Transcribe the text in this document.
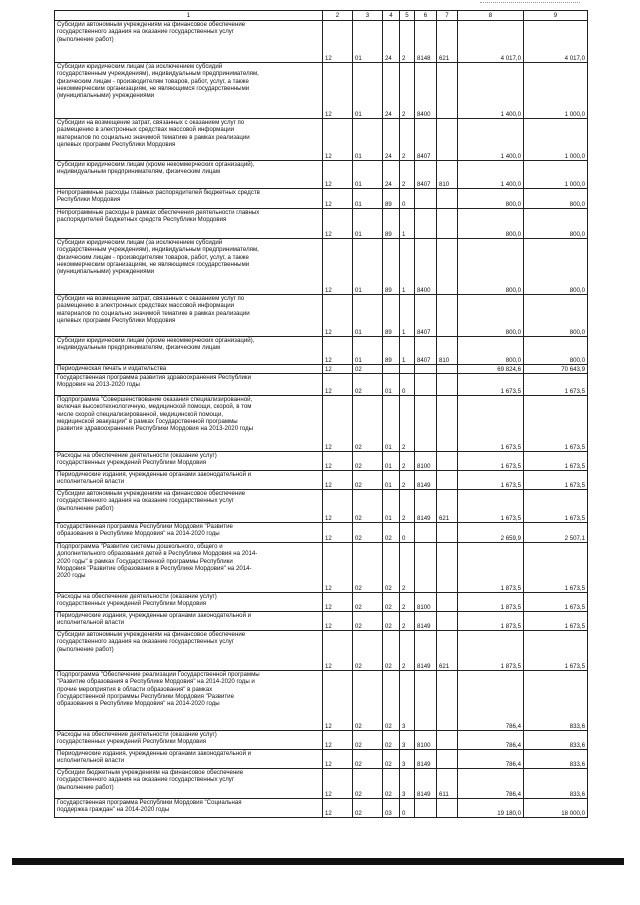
1	2	3	4	5	6	7	8	9
Субсидии автономным учреждениям на финансовое обеспечение
государственного задания на оказание государственных услуг
(выполнение работ)	12	01	24	2	8148	621	4 017,0	4 017,0
Субсидии юридическим лицам (за исключением субсидий
государственным учреждениям), индивидуальным предпринимателям,
физическим лицам - производителям товаров, работ, услуг, а также
некоммерческим организациям, не являющимся государственными
(муниципальными) учреждениями	12	01	24	2	8400		1 400,0	1 000,0
Субсидии на возмещение затрат, связанных с оказанием услуг по
размещению в электронных средствах массовой информации
материалов по социально значимой тематике в рамках реализации
целевых программ Республики Мордовия	12	01	24	2	8407		1 400,0	1 000,0
Субсидии юридическим лицам (кроме некоммерческих организаций),
индивидуальным предпринимателям, физическим лицам	12	01	24	2	8407	810	1 400,0	1 000,0
Непрограммные расходы главных распорядителей бюджетных средств
Республики Мордовия	12	01	89	0			800,0	800,0
Непрограммные расходы в рамках обеспечения деятельности главных
распорядителей бюджетных средств Республики Мордовия	12	01	89	1			800,0	800,0
Субсидии юридическим лицам (за исключением субсидий
государственным учреждениям), индивидуальным предпринимателям,
физическим лицам - производителям товаров, работ, услуг, а также
некоммерческим организациям, не являющимся государственными
(муниципальными) учреждениями	12	01	89	1	8400		800,0	800,0
Субсидии на возмещение затрат, связанных с оказанием услуг по
размещению в электронных средствах массовой информации
материалов по социально значимой тематике в рамках реализации
целевых программ Республики Мордовия	12	01	89	1	8407		800,0	800,0
Субсидии юридическим лицам (кроме некоммерческих организаций),
индивидуальным предпринимателям, физическим лицам	12	01	89	1	8407	810	800,0	800,0
Периодическая печать и издательства	12	02					69 824,6	70 643,9
Государственная программа развития здравоохранения Республики
Мордовия на 2013-2020 годы	12	02	01	0			1 673,5	1 673,5
Подпрограмма "Совершенствование оказания специализированной,
включая высокотехнологичную, медицинской помощи, скорой, в том
числе скорой специализированной, медицинской помощи,
медицинской эвакуации" в рамках Государственной программы
развития здравоохранения Республики Мордовия на 2013-2020 годы	12	02	01	2			1 673,5	1 673,5
Расходы на обеспечение деятельности (оказание услуг)
государственных учреждений Республики Мордовия	12	02	01	2	8100		1 673,5	1 673,5
Периодические издания, учрежденные органами законодательной и
исполнительной власти	12	02	01	2	8149		1 673,5	1 673,5
Субсидии автономным учреждениям на финансовое обеспечение
государственного задания на оказание государственных услуг
(выполнение работ)	12	02	01	2	8149	621	1 673,5	1 673,5
Государственная программа Республики Мордовия "Развитие
образования в Республике Мордовия" на 2014-2020 годы	12	02	02	0			2 659,9	2 507,1
Подпрограмма "Развитие системы дошкольного, общего и
дополнительного образования детей в Республике Мордовия на 2014-
2020 годы" в рамках Государственной программы Республики
Мордовия "Развитие образования в Республике Мордовия" на 2014-
2020 годы	12	02	02	2			1 873,5	1 673,5
Расходы на обеспечение деятельности (оказание услуг)
государственных учреждений Республики Мордовия	12	02	02	2	8100		1 873,5	1 673,5
Периодические издания, учрежденные органами законодательной и
исполнительной власти	12	02	02	2	8149		1 873,5	1 673,5
Субсидии автономным учреждениям на финансовое обеспечение
государственного задания на оказание государственных услуг
(выполнение работ)	12	02	02	2	8149	621	1 873,5	1 673,5
Подпрограмма "Обеспечение реализации Государственной программы
"Развитие образования в Республике Мордовия" на 2014-2020 годы и
прочие мероприятия в области образования" в рамках
Государственной программы Республики Мордовия "Развитие
образования в Республике Мордовия" на 2014-2020 годы	12	02	02	3			786,4	833,6
Расходы на обеспечение деятельности (оказание услуг)
государственных учреждений Республики Мордовия	12	02	02	3	8100		786,4	833,6
Периодические издания, учрежденные органами законодательной и
исполнительной власти	12	02	02	3	8149		786,4	833,6
Субсидии бюджетным учреждениям на финансовое обеспечение
государственного задания на оказание государственных услуг
(выполнение работ)	12	02	02	3	8149	611	786,4	833,6
Государственная программа Республики Мордовия "Социальная
поддержка граждан" на 2014-2020 годы	12	02	03	0			19 180,0	18 000,0
